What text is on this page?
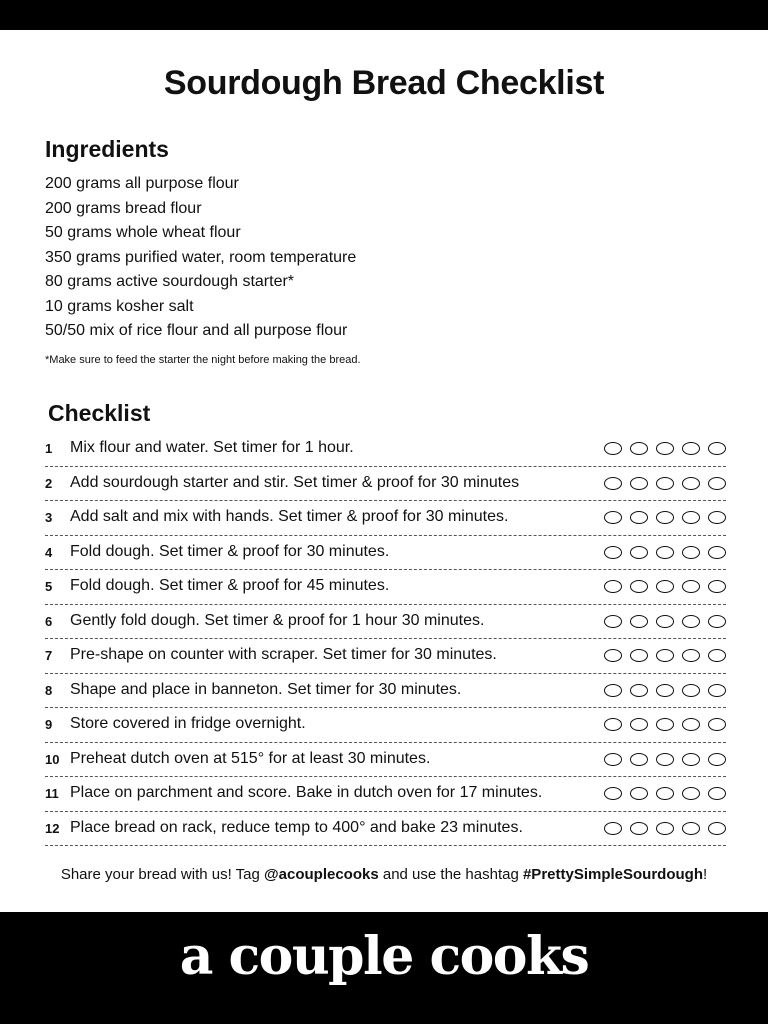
Sourdough Bread Checklist
Ingredients
200 grams all purpose flour
200 grams bread flour
50 grams whole wheat flour
350 grams purified water, room temperature
80 grams active sourdough starter*
10 grams kosher salt
50/50 mix of rice flour and all purpose flour

*Make sure to feed the starter the night before making the bread.

Checklist
1	Mix flour and water. Set timer for 1 hour.
2	Add sourdough starter and stir. Set timer & proof for 30 minutes
3	Add salt and mix with hands. Set timer & proof for 30 minutes.
4	Fold dough. Set timer & proof for 30 minutes.
5	Fold dough. Set timer & proof for 45 minutes.
6	Gently fold dough. Set timer & proof for 1 hour 30 minutes.
7	Pre-shape on counter with scraper. Set timer for 30 minutes.
8	Shape and place in banneton. Set timer for 30 minutes.
9	Store covered in fridge overnight.
10 Preheat dutch oven at 515° for at least 30 minutes.
11 Place on parchment and score. Bake in dutch oven for 17 minutes.
12 Place bread on rack, reduce temp to 400° and bake 23 minutes.

Share your bread with us! Tag @acouplecooks and use the hashtag #PrettySimpleSourdough!

a couple cooks
